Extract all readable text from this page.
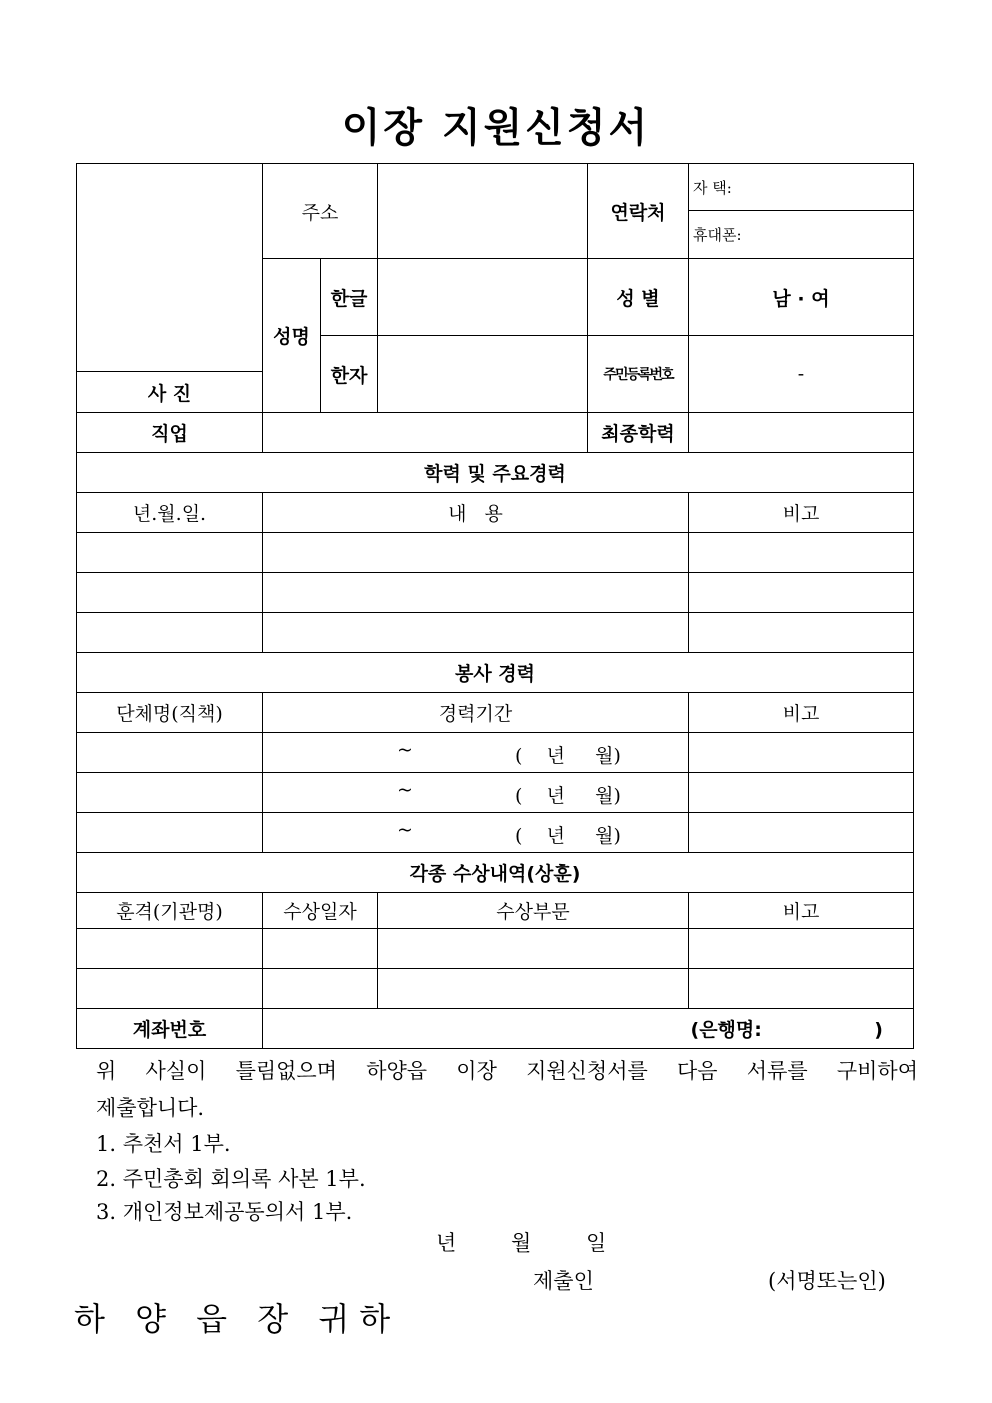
이장 지원신청서
	주소			연락처	자 택:
					휴대폰:
	성명	한글		성 별	남 · 여
		한자		주민등록번호	-
사 진					
직업				최종학력	
학력 및 주요경력					
년.월.일.	내   용				비고

봉사 경력					
단체명(직책)	경력기간				비고

	~ (    년     월)				

	~ (    년     월)				

	~ (    년     월)				

각종 수상내역(상훈)					
훈격(기관명)	수상일자		수상부문		비고

계좌번호	(은행명:                 )				
위 사실이 틀림없으며 하양읍 이장 지원신청서를 다음 서류를 구비하여
제출합니다.
1. 추천서 1부.
2. 주민총회 회의록 사본 1부.
3. 개인정보제공동의서 1부.
년	월	일
제출인	(서명또는인)
하 양 읍 장 귀하
